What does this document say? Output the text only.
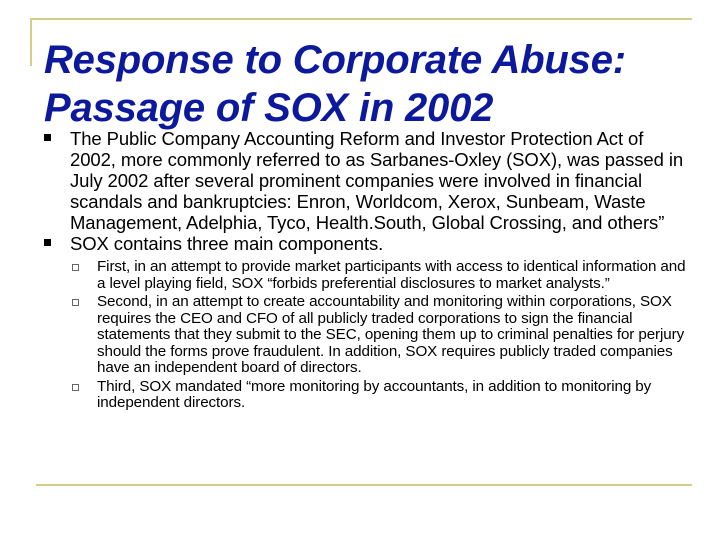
Response to Corporate Abuse: Passage of SOX in 2002
The Public Company Accounting Reform and Investor Protection Act of 2002, more commonly referred to as Sarbanes-Oxley (SOX), was passed in July 2002 after several prominent companies were involved in financial scandals and bankruptcies: Enron, Worldcom, Xerox, Sunbeam, Waste Management, Adelphia, Tyco, Health.South, Global Crossing, and others”
SOX contains three main components.
First, in an attempt to provide market participants with access to identical information and a level playing field, SOX “forbids preferential disclosures to market analysts.”
Second, in an attempt to create accountability and monitoring within corporations, SOX requires the CEO and CFO of all publicly traded corporations to sign the financial statements that they submit to the SEC, opening them up to criminal penalties for perjury should the forms prove fraudulent. In addition, SOX requires publicly traded companies have an independent board of directors.
Third, SOX mandated “more monitoring by accountants, in addition to monitoring by independent directors.
